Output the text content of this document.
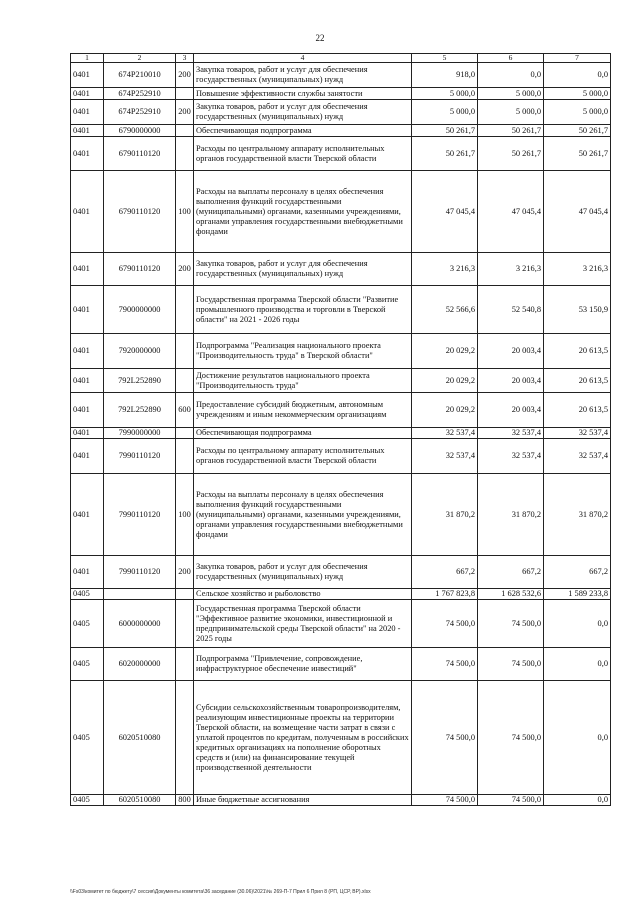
22
1	2	3	4	5	6	7
0401	674P210010	200	Закупка товаров, работ и услуг для обеспечения государственных (муниципальных) нужд	918,0	0,0	0,0
0401	674P252910		Повышение эффективности службы занятости	5 000,0	5 000,0	5 000,0
0401	674P252910	200	Закупка товаров, работ и услуг для обеспечения государственных (муниципальных) нужд	5 000,0	5 000,0	5 000,0
0401	6790000000		Обеспечивающая подпрограмма	50 261,7	50 261,7	50 261,7
0401	6790110120		Расходы по центральному аппарату исполнительных органов государственной власти Тверской области	50 261,7	50 261,7	50 261,7
0401	6790110120	100	Расходы на выплаты персоналу в целях обеспечения выполнения функций государственными (муниципальными) органами, казенными учреждениями, органами управления государственными внебюджетными фондами	47 045,4	47 045,4	47 045,4
0401	6790110120	200	Закупка товаров, работ и услуг для обеспечения государственных (муниципальных) нужд	3 216,3	3 216,3	3 216,3
0401	7900000000		Государственная программа Тверской области "Развитие промышленного производства и торговли в Тверской области" на 2021 - 2026 годы	52 566,6	52 540,8	53 150,9
0401	7920000000		Подпрограмма "Реализация национального проекта "Производительность труда" в Тверской области"	20 029,2	20 003,4	20 613,5
0401	792L252890		Достижение результатов национального проекта "Производительность труда"	20 029,2	20 003,4	20 613,5
0401	792L252890	600	Предоставление субсидий бюджетным, автономным учреждениям и иным некоммерческим организациям	20 029,2	20 003,4	20 613,5
0401	7990000000		Обеспечивающая подпрограмма	32 537,4	32 537,4	32 537,4
0401	7990110120		Расходы по центральному аппарату исполнительных органов государственной власти Тверской области	32 537,4	32 537,4	32 537,4
0401	7990110120	100	Расходы на выплаты персоналу в целях обеспечения выполнения функций государственными (муниципальными) органами, казенными учреждениями, органами управления государственными внебюджетными фондами	31 870,2	31 870,2	31 870,2
0401	7990110120	200	Закупка товаров, работ и услуг для обеспечения государственных (муниципальных) нужд	667,2	667,2	667,2
0405			Сельское хозяйство и рыболовство	1 767 823,8	1 628 532,6	1 589 233,8
0405	6000000000		Государственная программа Тверской области "Эффективное развитие экономики, инвестиционной и предпринимательской среды Тверской области" на 2020 - 2025 годы	74 500,0	74 500,0	0,0
0405	6020000000		Подпрограмма "Привлечение, сопровождение, инфраструктурное обеспечение инвестиций"	74 500,0	74 500,0	0,0
0405	6020510080		Субсидии сельскохозяйственным товаропроизводителям, реализующим инвестиционные проекты на территории Тверской области, на возмещение части затрат в связи с уплатой процентов по кредитам, полученным в российских кредитных организациях на пополнение оборотных средств и (или) на финансирование текущей производственной деятельности	74 500,0	74 500,0	0,0
0405	6020510080	800	Иные бюджетные ассигнования	74 500,0	74 500,0	0,0
\\Fs03\комитет по бюджету\7 сессия\Документы комитета\36 заседание (30.06)\2021\№ 269-П-7 Прил 6 Прил 8 (РП, ЦСР, ВР).xlsx
